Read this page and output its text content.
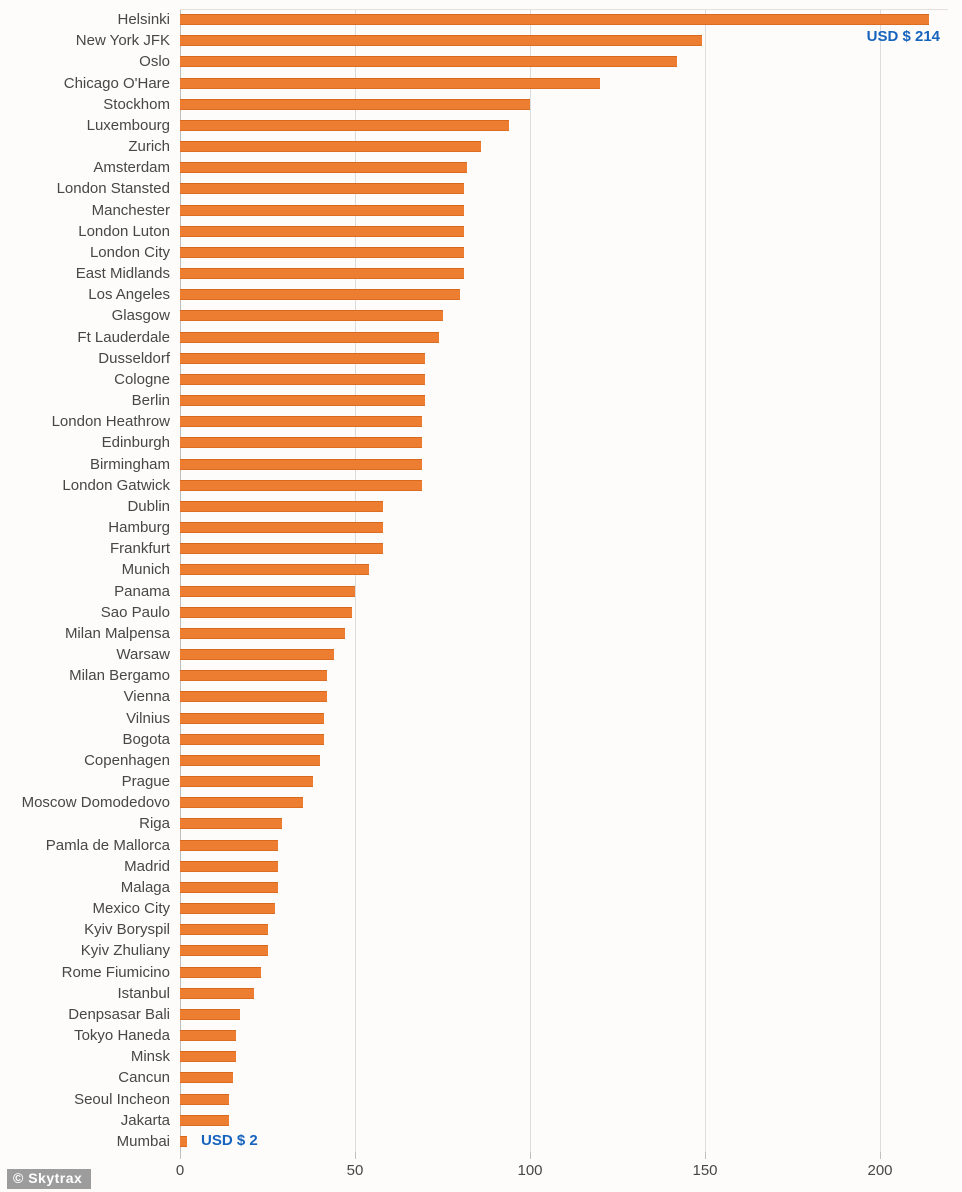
Helsinki
New York JFK
Oslo
Chicago O'Hare
Stockhom
Luxembourg
Zurich
Amsterdam
London Stansted
Manchester
London Luton
London City
East Midlands
Los Angeles
Glasgow
Ft Lauderdale
Dusseldorf
Cologne
Berlin
London Heathrow
Edinburgh
Birmingham
London Gatwick
Dublin
Hamburg
Frankfurt
Munich
Panama
Sao Paulo
Milan Malpensa
Warsaw
Milan Bergamo
Vienna
Vilnius
Bogota
Copenhagen
Prague
Moscow Domodedovo
Riga
Pamla de Mallorca
Madrid
Malaga
Mexico City
Kyiv Boryspil
Kyiv Zhuliany
Rome Fiumicino
Istanbul
Denpsasar Bali
Tokyo Haneda
Minsk
Cancun
Seoul Incheon
Jakarta
Mumbai
0	50	100	150	200
USD $ 214
USD $ 2
© Skytrax
